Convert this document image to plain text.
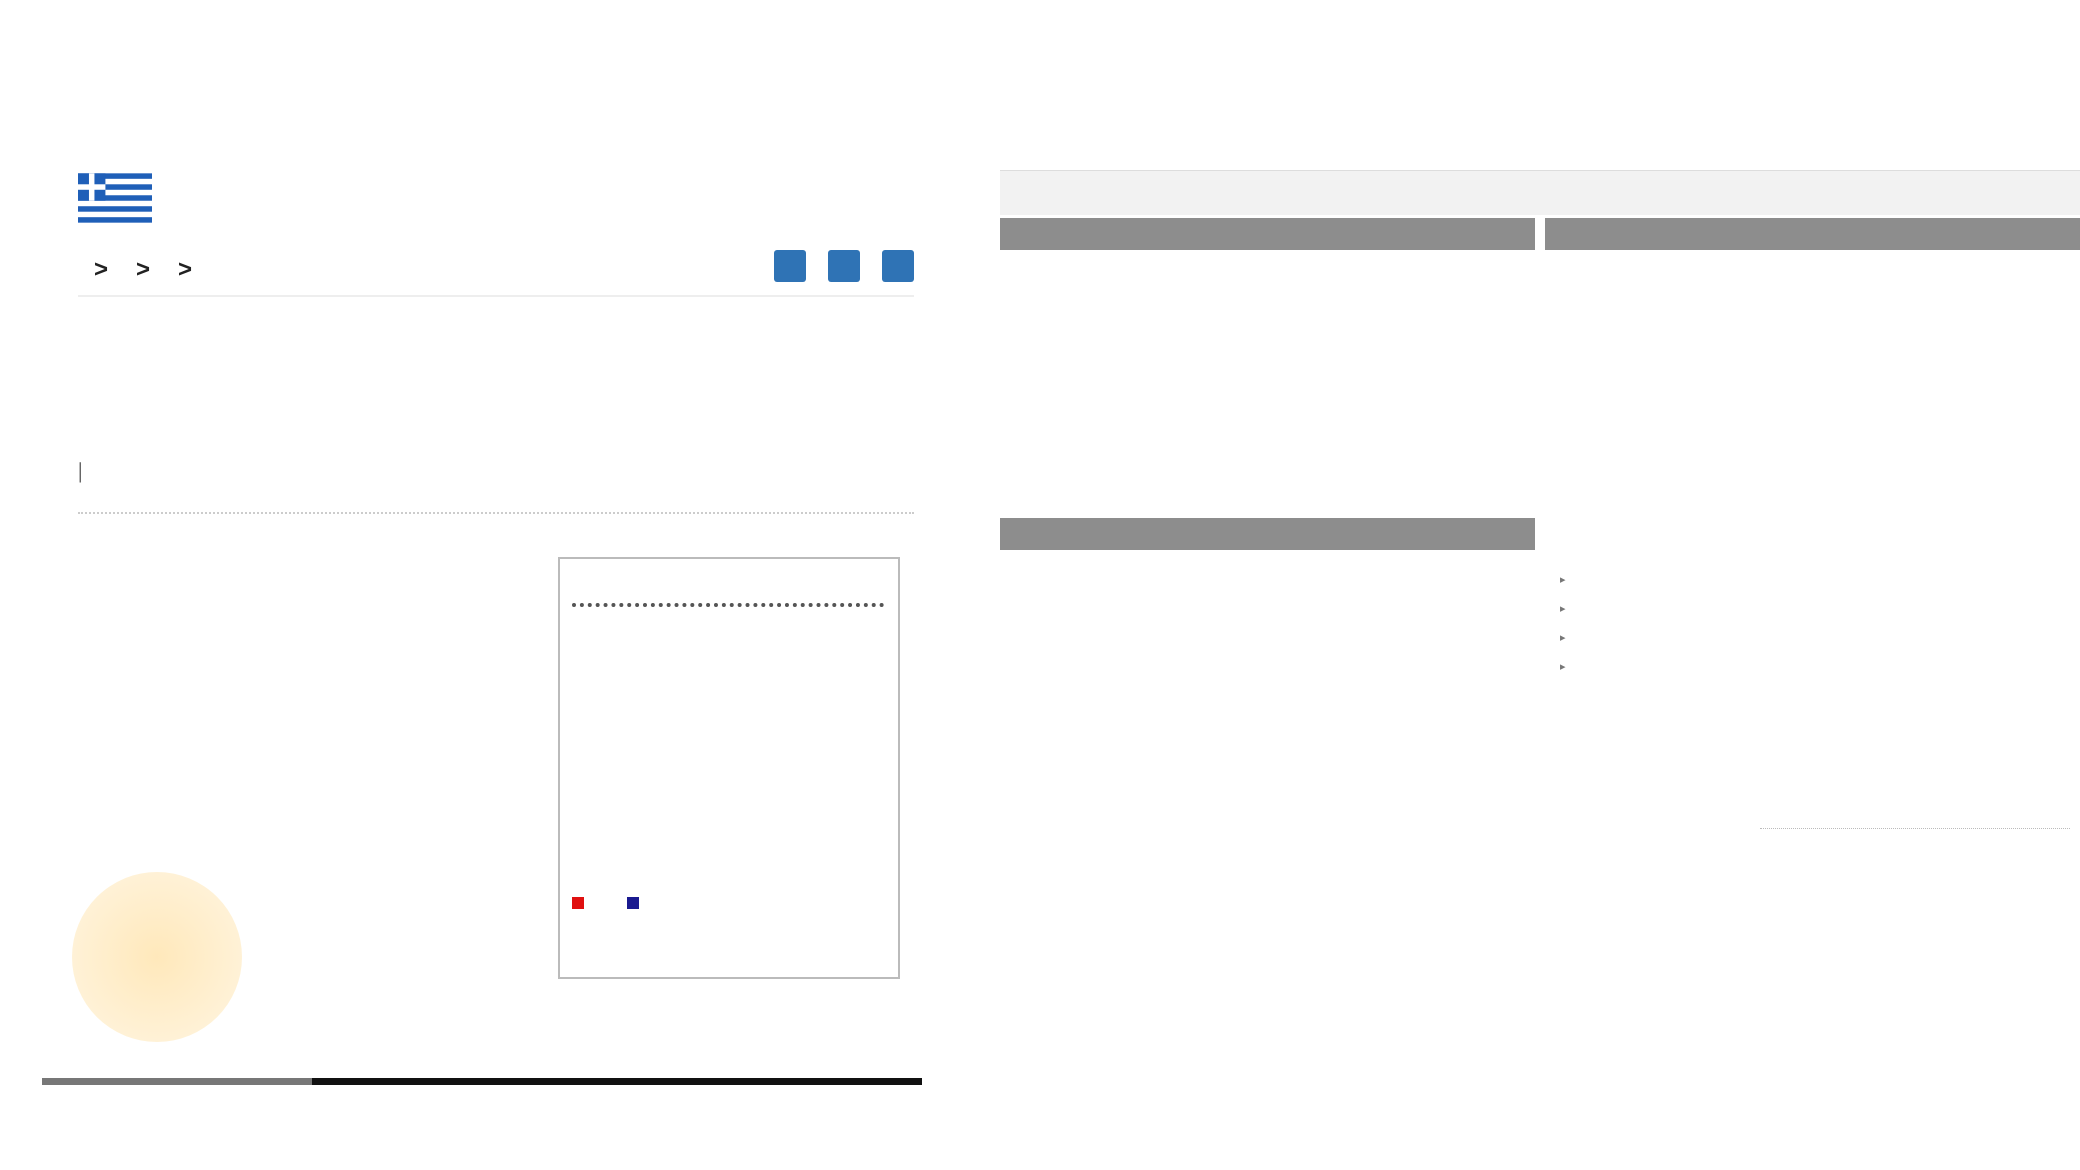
> > >
|
▸
▸
▸
▸
